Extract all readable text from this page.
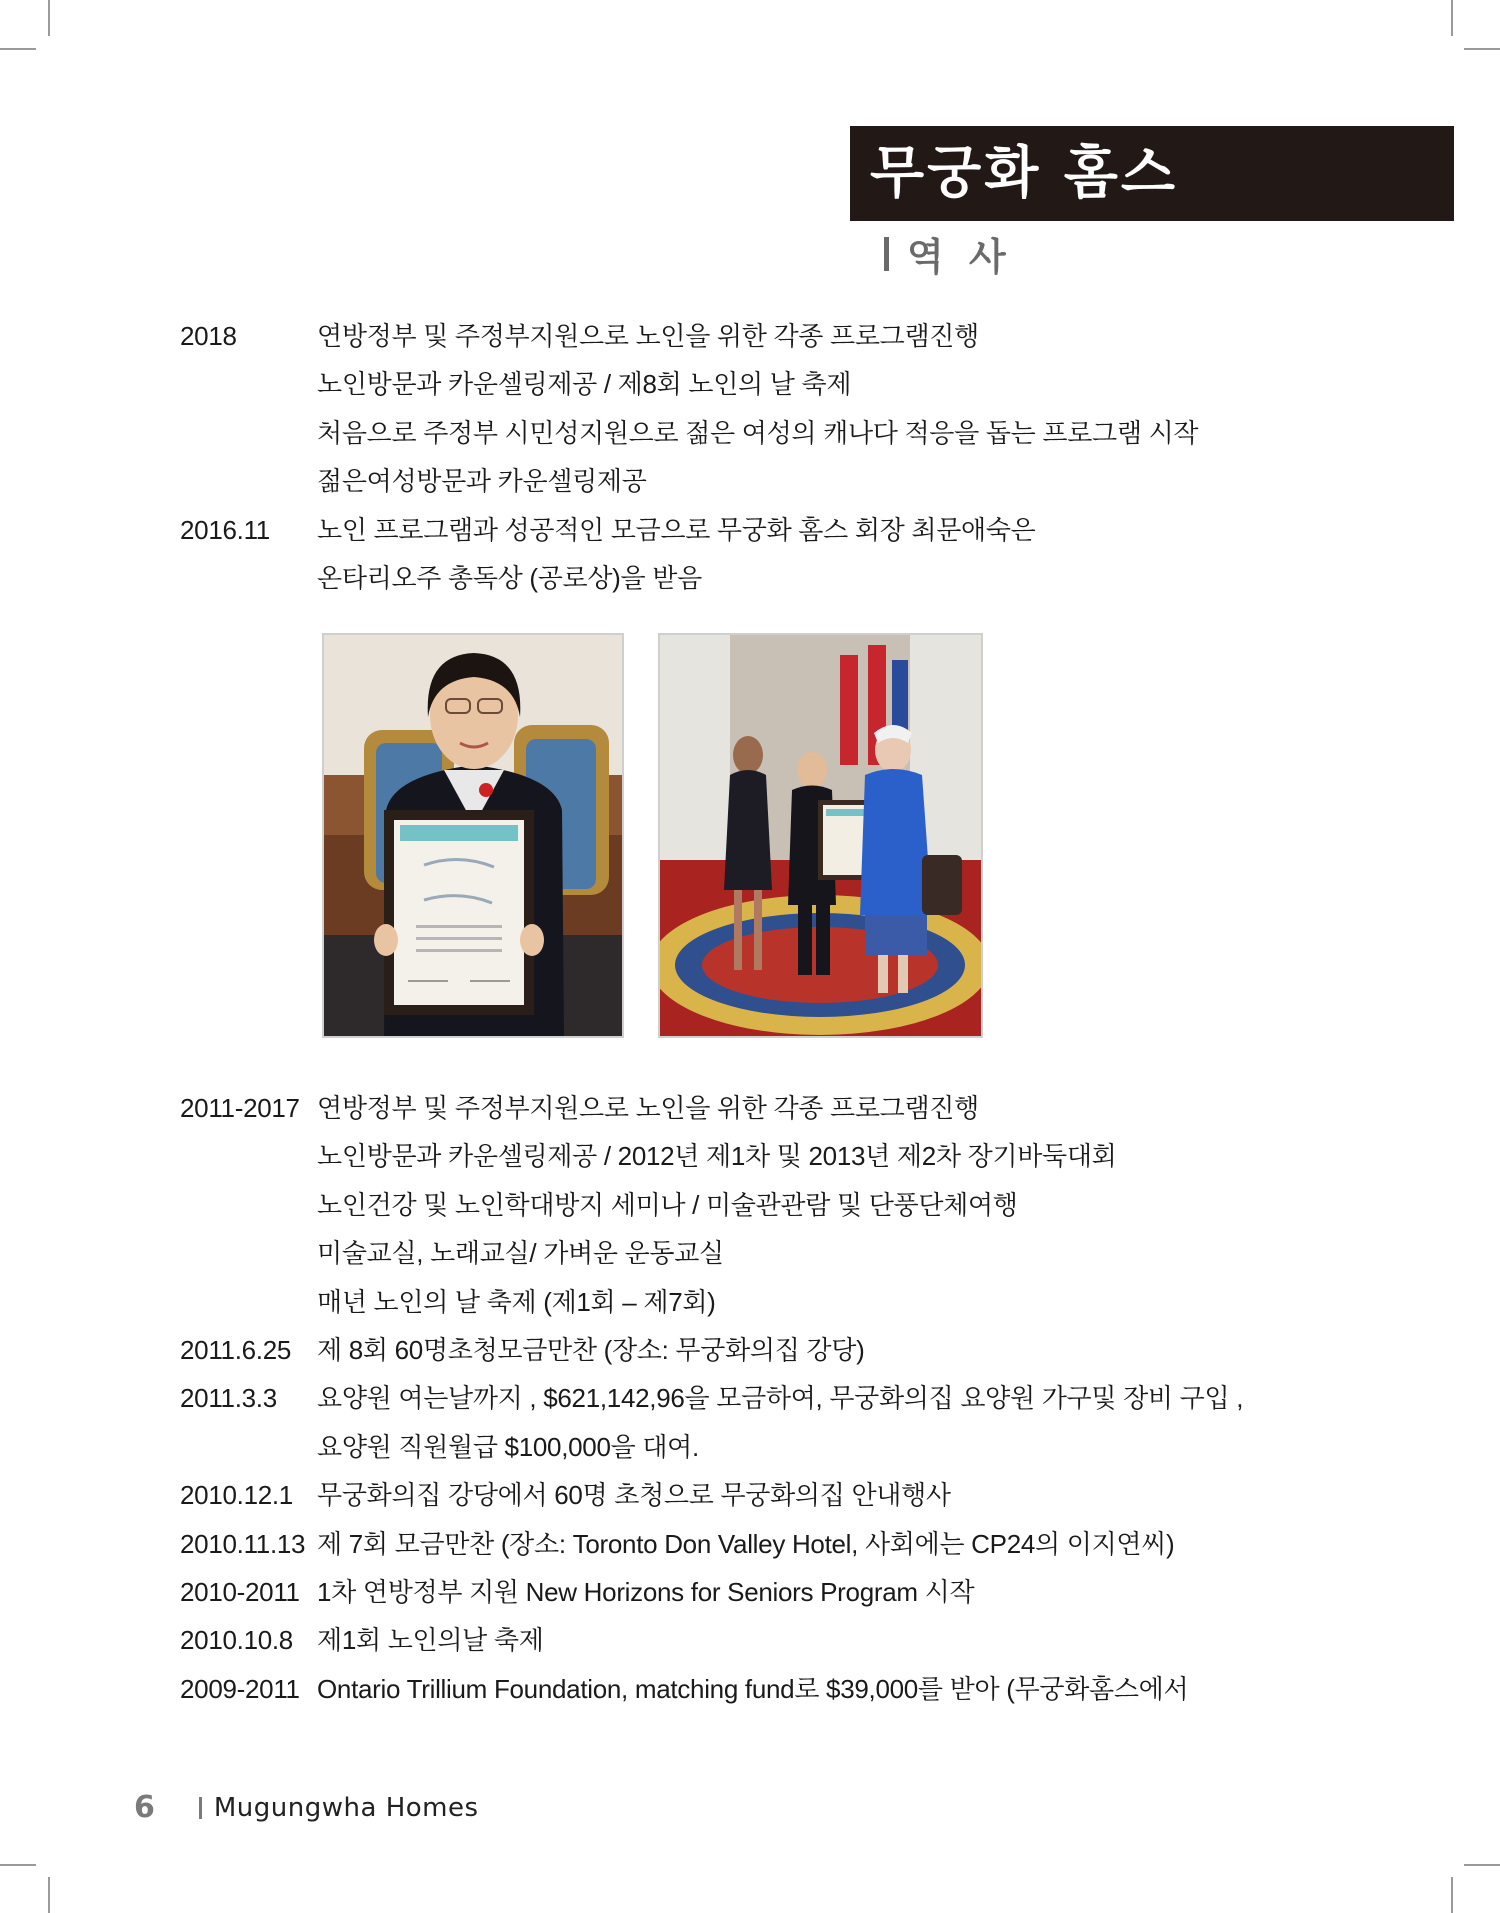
무궁화 홈스
역 사
2018	연방정부 및 주정부지원으로 노인을 위한 각종 프로그램진행
노인방문과 카운셀링제공 / 제8회 노인의 날 축제
처음으로 주정부 시민성지원으로 젊은 여성의 캐나다 적응을 돕는 프로그램 시작
젊은여성방문과 카운셀링제공
2016.11	노인 프로그램과 성공적인 모금으로 무궁화 홈스 회장 최문애숙은
온타리오주 총독상 (공로상)을 받음
2011-2017 연방정부 및 주정부지원으로 노인을 위한 각종 프로그램진행
노인방문과 카운셀링제공 / 2012년 제1차 및 2013년 제2차 장기바둑대회
노인건강 및 노인학대방지 세미나 / 미술관관람 및 단풍단체여행
미술교실, 노래교실/ 가벼운 운동교실
매년 노인의 날 축제 (제1회 – 제7회)
2011.6.25 제 8회 60명초청모금만찬 (장소: 무궁화의집 강당)
2011.3.3	요양원 여는날까지 , $621,142,96을 모금하여, 무궁화의집 요양원 가구및 장비 구입 ,
요양원 직원월급 $100,000을 대여.
2010.12.1 무궁화의집 강당에서 60명 초청으로 무궁화의집 안내행사
2010.11.13 제 7회 모금만찬 (장소: Toronto Don Valley Hotel, 사회에는 CP24의 이지연씨)
2010-2011 1차 연방정부 지원 New Horizons for Seniors Program 시작
2010.10.8 제1회 노인의날 축제
2009-2011 Ontario Trillium Foundation, matching fund로 $39,000를 받아 (무궁화홈스에서
6 Mugungwha Homes
